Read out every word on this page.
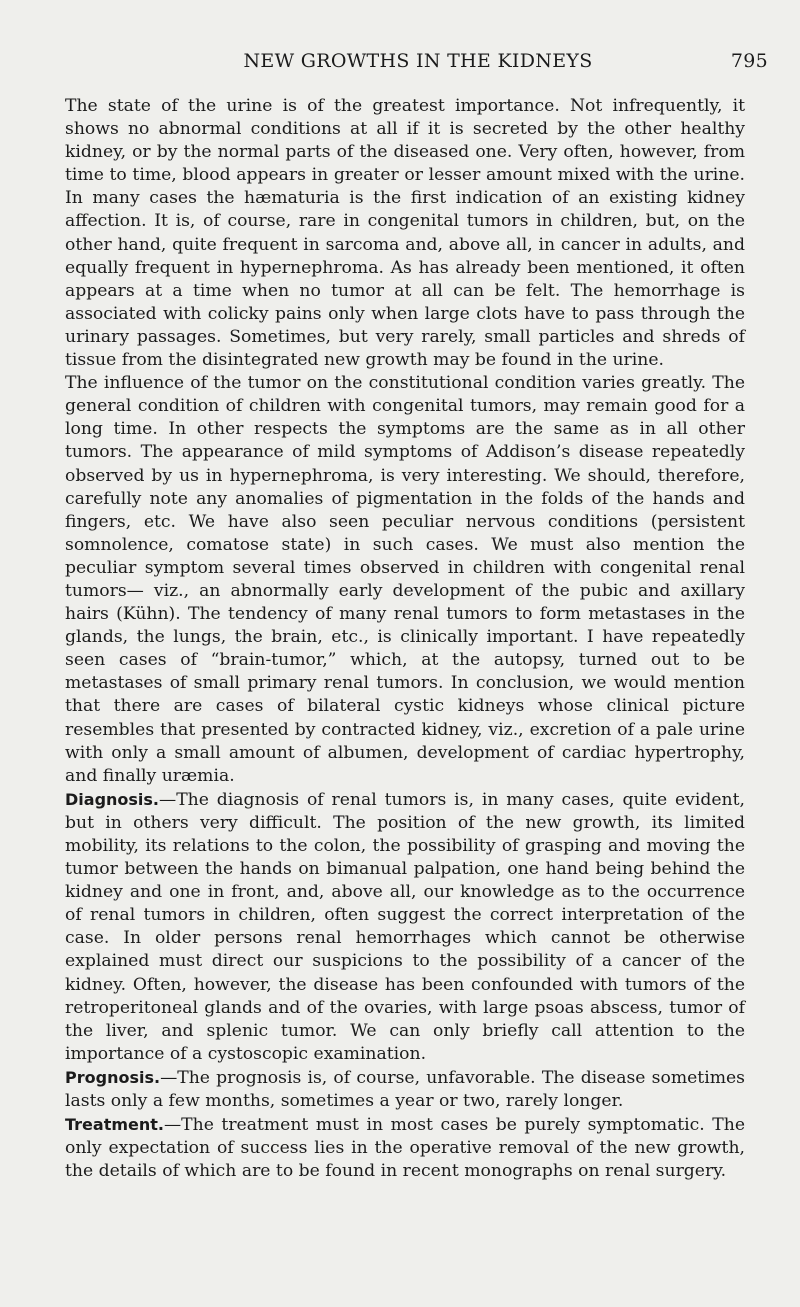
NEW GROWTHS IN THE KIDNEYS	795

The state of the urine is of the greatest importance. Not infrequently, it shows no abnormal conditions at all if it is secreted by the other healthy kidney, or by the normal parts of the diseased one. Very often, however, from time to time, blood appears in greater or lesser amount mixed with the urine. In many cases the hæmaturia is the first indication of an existing kidney affection. It is, of course, rare in congenital tumors in children, but, on the other hand, quite frequent in sarcoma and, above all, in cancer in adults, and equally frequent in hypernephroma. As has already been mentioned, it often appears at a time when no tumor at all can be felt. The hemorrhage is associated with colicky pains only when large clots have to pass through the urinary passages. Sometimes, but very rarely, small particles and shreds of tissue from the disintegrated new growth may be found in the urine.

The influence of the tumor on the constitutional condition varies greatly. The general condition of children with congenital tumors, may remain good for a long time. In other respects the symptoms are the same as in all other tumors. The appearance of mild symptoms of Addison’s disease repeatedly observed by us in hypernephroma, is very interesting. We should, therefore, carefully note any anomalies of pigmentation in the folds of the hands and fingers, etc. We have also seen peculiar nervous conditions (persistent somnolence, comatose state) in such cases. We must also mention the peculiar symptom several times observed in children with congenital renal tumors— viz., an abnormally early development of the pubic and axillary hairs (Kühn). The tendency of many renal tumors to form metastases in the glands, the lungs, the brain, etc., is clinically important. I have repeatedly seen cases of “brain-tumor,” which, at the autopsy, turned out to be metastases of small primary renal tumors. In conclusion, we would mention that there are cases of bilateral cystic kidneys whose clinical picture resembles that presented by contracted kidney, viz., excretion of a pale urine with only a small amount of albumen, development of cardiac hypertrophy, and finally uræmia.

Diagnosis.—The diagnosis of renal tumors is, in many cases, quite evident, but in others very difficult. The position of the new growth, its limited mobility, its relations to the colon, the possibility of grasping and moving the tumor between the hands on bimanual palpation, one hand being behind the kidney and one in front, and, above all, our knowledge as to the occurrence of renal tumors in children, often suggest the correct interpretation of the case. In older persons renal hemorrhages which cannot be otherwise explained must direct our suspicions to the possibility of a cancer of the kidney. Often, however, the disease has been confounded with tumors of the retroperitoneal glands and of the ovaries, with large psoas abscess, tumor of the liver, and splenic tumor. We can only briefly call attention to the importance of a cystoscopic examination.

Prognosis.—The prognosis is, of course, unfavorable. The disease sometimes lasts only a few months, sometimes a year or two, rarely longer.

Treatment.—The treatment must in most cases be purely symptomatic. The only expectation of success lies in the operative removal of the new growth, the details of which are to be found in recent monographs on renal surgery.
